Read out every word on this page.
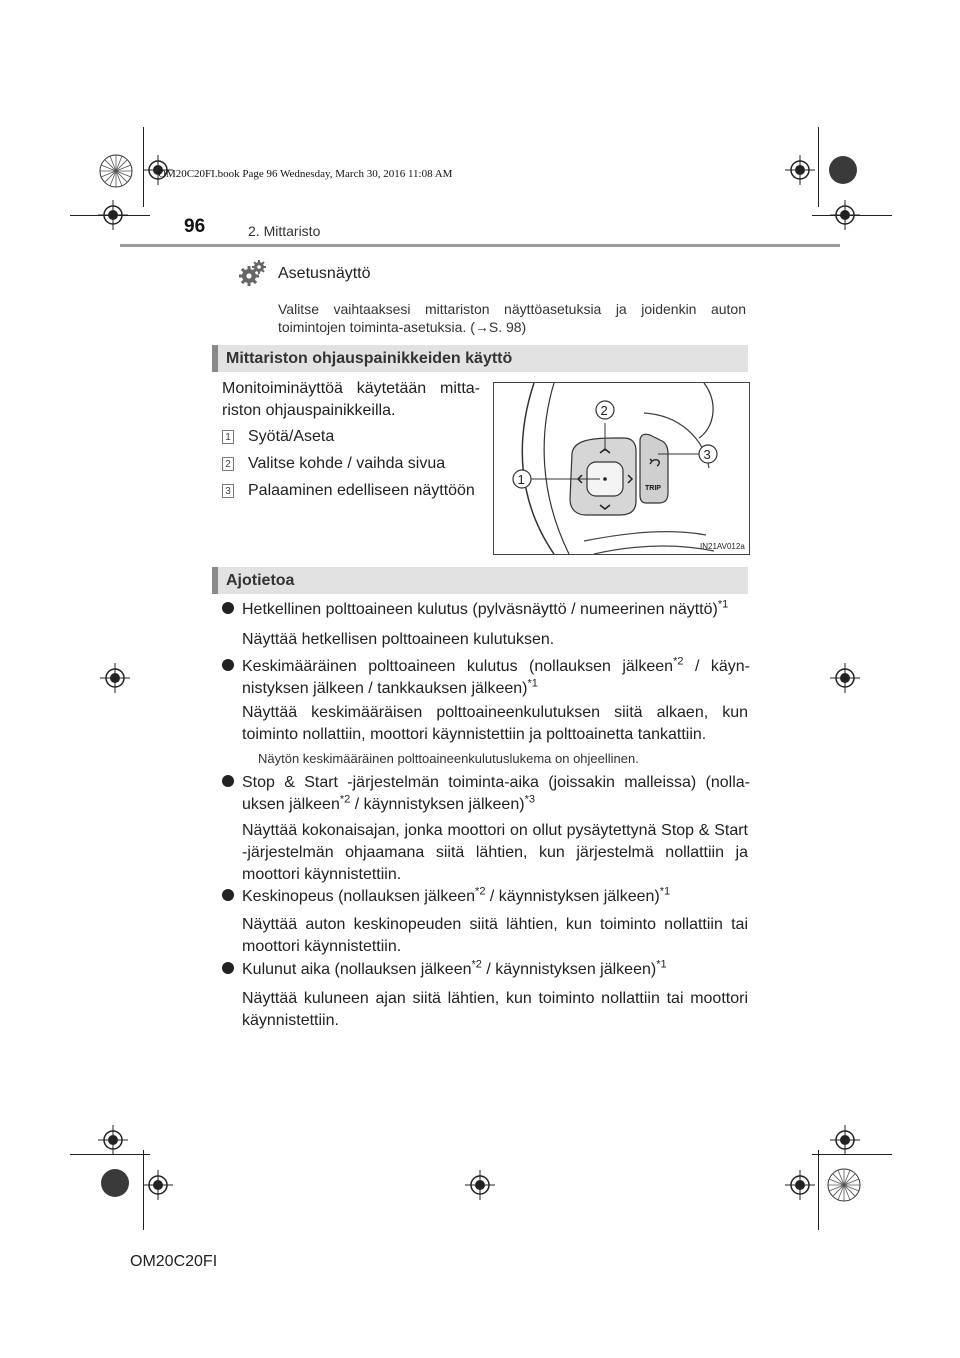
OM20C20FI.book Page 96 Wednesday, March 30, 2016 11:08 AM
96	2. Mittaristo
Asetusnäyttö
Valitse vaihtaaksesi mittariston näyttöasetuksia ja joidenkin auton toimintojen toiminta-asetuksia. (→S. 98)
Mittariston ohjauspainikkeiden käyttö
Monitoiminäyttöä käytetään mitta-riston ohjauspainikkeilla.
1 Syötä/Aseta
2 Valitse kohde / vaihda sivua
3 Palaaminen edelliseen näyttöön	TRIP
2
1
3
IN21AV012a
Ajotietoa
Hetkellinen polttoaineen kulutus (pylväsnäyttö / numeerinen näyttö)$^{*1}$
Näyttää hetkellisen polttoaineen kulutuksen.
Keskimääräinen polttoaineen kulutus (nollauksen jälkeen$^{*2}$ / käyn-nistyksen jälkeen / tankkauksen jälkeen)$^{*1}$
Näyttää keskimääräisen polttoaineenkulutuksen siitä alkaen, kun toiminto nollattiin, moottori käynnistettiin ja polttoainetta tankattiin.
Näytön keskimääräinen polttoaineenkulutuslukema on ohjeellinen.
Stop & Start -järjestelmän toiminta-aika (joissakin malleissa) (nolla-uksen jälkeen$^{*2}$ / käynnistyksen jälkeen)$^{*3}$
Näyttää kokonaisajan, jonka moottori on ollut pysäytettynä Stop & Start -järjestelmän ohjaamana siitä lähtien, kun järjestelmä nollattiin ja moottori käynnistettiin.
Keskinopeus (nollauksen jälkeen$^{*2}$ / käynnistyksen jälkeen)$^{*1}$
Näyttää auton keskinopeuden siitä lähtien, kun toiminto nollattiin tai moottori käynnistettiin.
Kulunut aika (nollauksen jälkeen$^{*2}$ / käynnistyksen jälkeen)$^{*1}$
Näyttää kuluneen ajan siitä lähtien, kun toiminto nollattiin tai moottori käynnistettiin.
OM20C20FI
